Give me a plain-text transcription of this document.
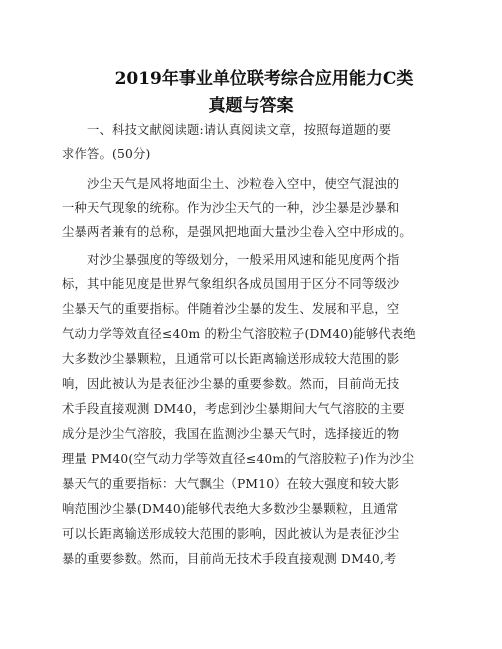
2019年事业单位联考综合应用能力C类
真题与答案
一、科技文献阅读题:请认真阅读文章，按照每道题的要
求作答。(50分)
沙尘天气是风将地面尘土、沙粒卷入空中，使空气混浊的
一种天气现象的统称。作为沙尘天气的一种，沙尘暴是沙暴和
尘暴两者兼有的总称，是强风把地面大量沙尘卷入空中形成的。
对沙尘暴强度的等级划分，一般采用风速和能见度两个指
标，其中能见度是世界气象组织各成员国用于区分不同等级沙
尘暴天气的重要指标。伴随着沙尘暴的发生、发展和平息，空
气动力学等效直径≤40m 的粉尘气溶胶粒子(DM40)能够代表绝
大多数沙尘暴颗粒，且通常可以长距离输送形成较大范围的影
响，因此被认为是表征沙尘暴的重要参数。然而，目前尚无技
术手段直接观测 DM40，考虑到沙尘暴期间大气气溶胶的主要
成分是沙尘气溶胶，我国在监测沙尘暴天气时，选择接近的物
理量 PM40(空气动力学等效直径≤40m的气溶胶粒子)作为沙尘
暴天气的重要指标：大气飘尘（PM10）在较大强度和较大影
响范围沙尘暴(DM40)能够代表绝大多数沙尘暴颗粒，且通常
可以长距离输送形成较大范围的影响，因此被认为是表征沙尘
暴的重要参数。然而，目前尚无技术手段直接观测 DM40,考
